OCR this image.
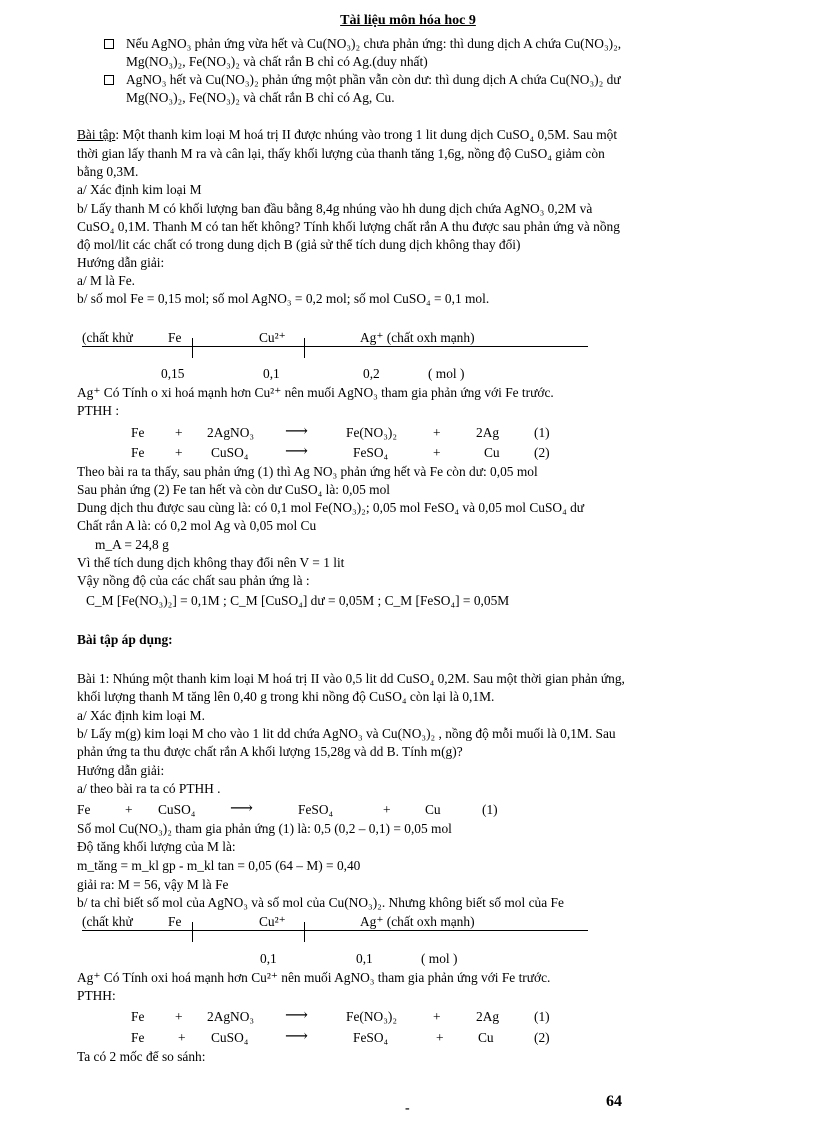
Tài liệu môn hóa hoc 9
Nếu AgNO₃ phản ứng vừa hết và Cu(NO₃)₂ chưa phản ứng: thì dung dịch A chứa Cu(NO₃)₂,
Mg(NO₃)₂, Fe(NO₃)₂ và chất rắn B chỉ có Ag.(duy nhất)
AgNO₃ hết và Cu(NO₃)₂ phản ứng một phần vẫn còn dư: thì dung dịch A chứa Cu(NO₃)₂ dư
Mg(NO₃)₂, Fe(NO₃)₂ và chất rắn B chỉ có Ag, Cu.
Bài tập: Một thanh kim loại M hoá trị II được nhúng vào trong 1 lit dung dịch CuSO₄ 0,5M. Sau một
thời gian lấy thanh M ra và cân lại, thấy khối lượng của thanh tăng 1,6g, nồng độ CuSO₄ giảm còn
bằng 0,3M.
a/ Xác định kim loại M
b/ Lấy thanh M có khối lượng ban đầu bằng 8,4g nhúng vào hh dung dịch chứa AgNO₃ 0,2M và
CuSO₄ 0,1M. Thanh M có tan hết không? Tính khối lượng chất rắn A thu được sau phản ứng và nồng
độ mol/lit các chất có trong dung dịch B (giả sử thể tích dung dịch không thay đổi)
Hướng dẫn giải:
a/ M là Fe.
b/ số mol Fe = 0,15 mol; số mol AgNO₃ = 0,2 mol; số mol CuSO₄ = 0,1 mol.
(chất khử	Fe	Cu²⁺	Ag⁺ (chất oxh mạnh)
0,15	0,1	0,2	( mol )
Ag⁺ Có Tính o xi hoá mạnh hơn Cu²⁺ nên muối AgNO₃ tham gia phản ứng với Fe trước.
PTHH :
Fe + 2AgNO₃ ⟶	Fe(NO₃)₂	+	2Ag	(1)
Fe + CuSO₄ ⟶	FeSO₄	+	Cu	(2)
Theo bài ra ta thấy, sau phản ứng (1) thì Ag NO₃ phản ứng hết và Fe còn dư: 0,05 mol
Sau phản ứng (2) Fe tan hết và còn dư CuSO₄ là: 0,05 mol
Dung dịch thu được sau cùng là: có 0,1 mol Fe(NO₃)₂; 0,05 mol FeSO₄ và 0,05 mol CuSO₄ dư
Chất rắn A là: có 0,2 mol Ag và 0,05 mol Cu
m_A = 24,8 g
Vì thể tích dung dịch không thay đổi nên V = 1 lit
Vậy nồng độ của các chất sau phản ứng là :
C_M [Fe(NO₃)₂] = 0,1M ; C_M [CuSO₄] dư = 0,05M ; C_M [FeSO₄] = 0,05M
Bài tập áp dụng:
Bài 1: Nhúng một thanh kim loại M hoá trị II vào 0,5 lit dd CuSO₄ 0,2M. Sau một thời gian phản ứng,
khối lượng thanh M tăng lên 0,40 g trong khi nồng độ CuSO₄ còn lại là 0,1M.
a/ Xác định kim loại M.
b/ Lấy m(g) kim loại M cho vào 1 lit dd chứa AgNO₃ và Cu(NO₃)₂ , nồng độ mỗi muối là 0,1M. Sau
phản ứng ta thu được chất rắn A khối lượng 15,28g và dd B. Tính m(g)?
Hướng dẫn giải:
a/ theo bài ra ta có PTHH .
Fe	+ CuSO₄ ⟶	FeSO₄	+	Cu	(1)
Số mol Cu(NO₃)₂ tham gia phản ứng (1) là: 0,5 (0,2 – 0,1) = 0,05 mol
Độ tăng khối lượng của M là:
m_tăng = m_kl gp - m_kl tan = 0,05 (64 – M) = 0,40
giải ra: M = 56, vậy M là Fe
b/ ta chỉ biết số mol của AgNO₃ và số mol của Cu(NO₃)₂. Nhưng không biết số mol của Fe
(chất khử	Fe	Cu²⁺	Ag⁺ (chất oxh mạnh)
0,1	0,1	( mol )
Ag⁺ Có Tính oxi hoá mạnh hơn Cu²⁺ nên muối AgNO₃ tham gia phản ứng với Fe trước.
PTHH:
Fe + 2AgNO₃ ⟶	Fe(NO₃)₂	+	2Ag	(1)
Fe	+ CuSO₄ ⟶	FeSO₄	+	Cu	(2)
Ta có 2 mốc để so sánh:
64
-
